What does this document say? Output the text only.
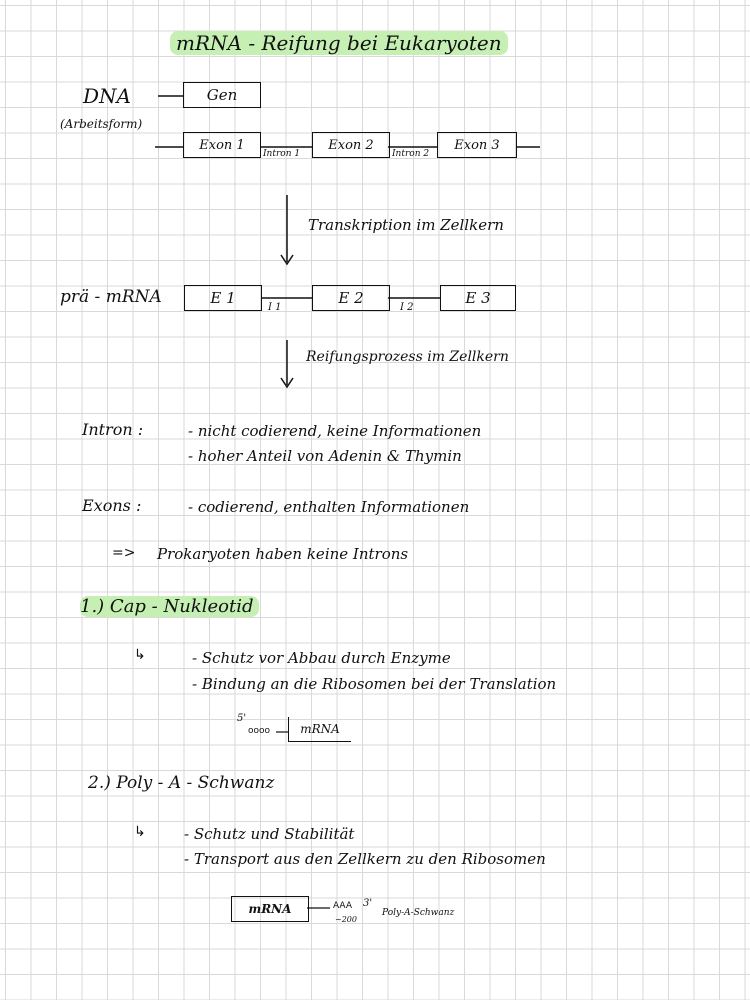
mRNA - Reifung bei Eukaryoten
DNA
(Arbeitsform)
Gen
Exon 1	Exon 2	Exon 3
Intron 1	Intron 2
Transkription im Zellkern
prä - mRNA	E 1	E 2	E 3
I 1	I 2
Reifungsprozess im Zellkern
Intron :	- nicht codierend, keine Informationen
- hoher Anteil von Adenin & Thymin
Exons :	- codierend, enthalten Informationen
=> Prokaryoten haben keine Introns
1.) Cap - Nukleotid
↳	- Schutz vor Abbau durch Enzyme
- Bindung an die Ribosomen bei der Translation
5'
oooo	mRNA
2.) Poly - A - Schwanz
↳	- Schutz und Stabilität
- Transport aus den Zellkern zu den Ribosomen
mRNA	AAA 3'
~200
Poly-A-Schwanz
